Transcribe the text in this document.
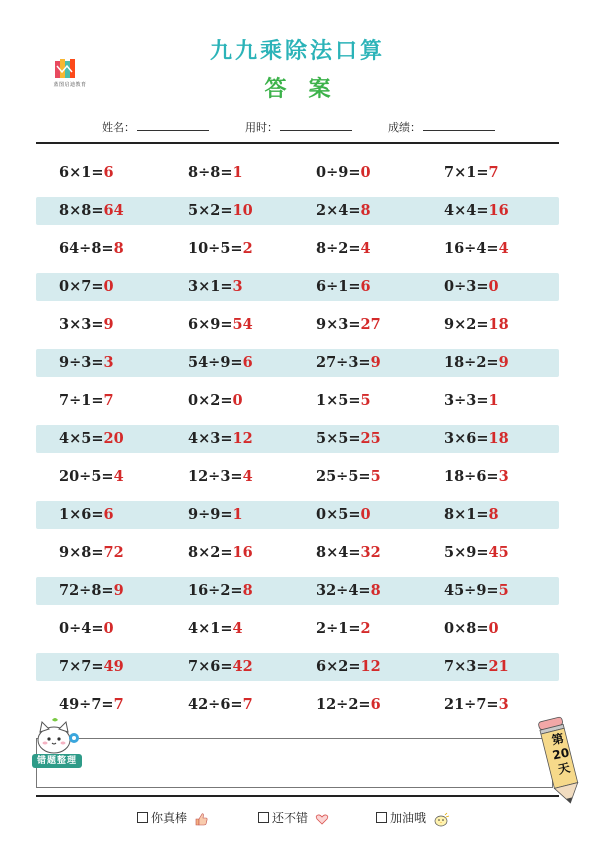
蓝图启迪教育
九九乘除法口算
答案
姓名：	用时：	成绩：
6×1=6	8÷8=1	0÷9=0	7×1=7
8×8=64	5×2=10	2×4=8	4×4=16
64÷8=8	10÷5=2	8÷2=4	16÷4=4
0×7=0	3×1=3	6÷1=6	0÷3=0
3×3=9	6×9=54	9×3=27	9×2=18
9÷3=3	54÷9=6	27÷3=9	18÷2=9
7÷1=7	0×2=0	1×5=5	3÷3=1
4×5=20	4×3=12	5×5=25	3×6=18
20÷5=4	12÷3=4	25÷5=5	18÷6=3
1×6=6	9÷9=1	0×5=0	8×1=8
9×8=72	8×2=16	8×4=32	5×9=45
72÷8=9	16÷2=8	32÷4=8	45÷9=5
0÷4=0	4×1=4	2÷1=2	0×8=0
7×7=49	7×6=42	6×2=12	7×3=21
49÷7=7	42÷6=7	12÷2=6	21÷7=3
错题整理
第
20
天
你真棒	还不错	加油哦
